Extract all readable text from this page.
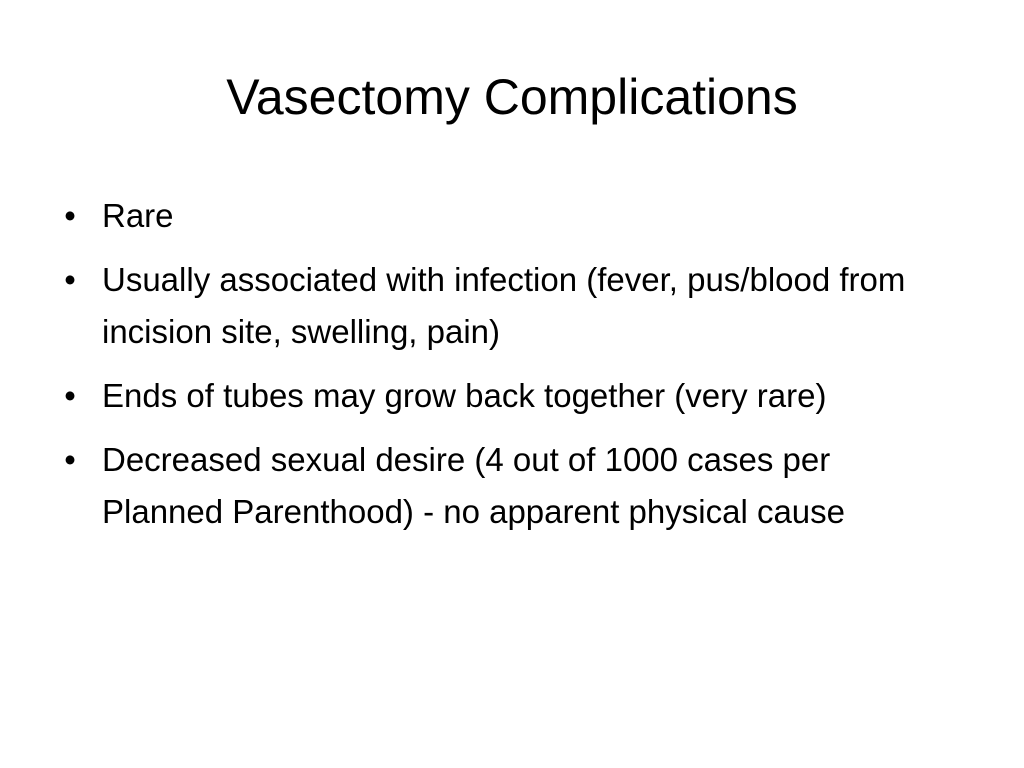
Vasectomy Complications
• Rare
• Usually associated with infection (fever, pus/blood from incision site, swelling, pain)
• Ends of tubes may grow back together (very rare)
• Decreased sexual desire (4 out of 1000 cases per Planned Parenthood) - no apparent physical cause
